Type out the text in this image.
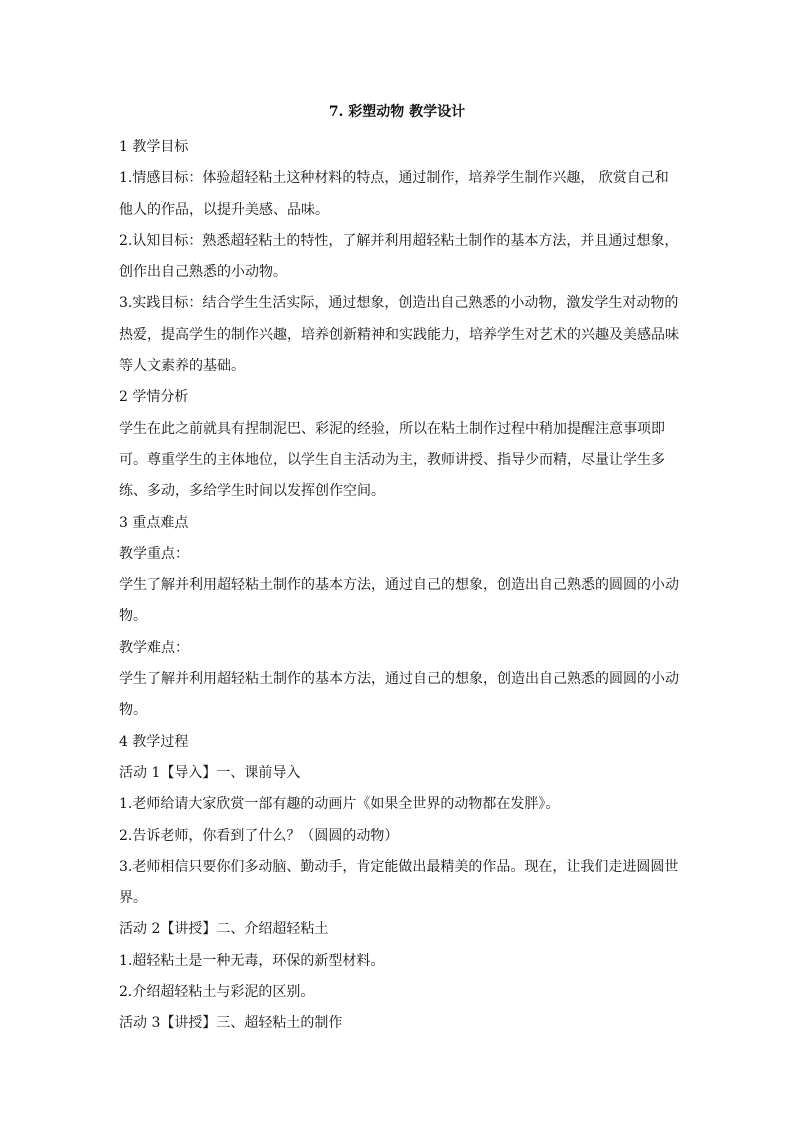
7. 彩塑动物 教学设计

1 教学目标

1.情感目标：体验超轻粘土这种材料的特点，通过制作，培养学生制作兴趣， 欣赏自己和他人的作品，以提升美感、品味。

2.认知目标：熟悉超轻粘土的特性，了解并利用超轻粘土制作的基本方法，并且通过想象，创作出自己熟悉的小动物。

3.实践目标：结合学生生活实际，通过想象，创造出自己熟悉的小动物，激发学生对动物的热爱，提高学生的制作兴趣，培养创新精神和实践能力，培养学生对艺术的兴趣及美感品味等人文素养的基础。

2 学情分析

学生在此之前就具有捏制泥巴、彩泥的经验，所以在粘土制作过程中稍加提醒注意事项即可。尊重学生的主体地位，以学生自主活动为主，教师讲授、指导少而精，尽量让学生多练、多动，多给学生时间以发挥创作空间。

3 重点难点

教学重点：

学生了解并利用超轻粘土制作的基本方法，通过自己的想象，创造出自己熟悉的圆圆的小动物。

教学难点：

学生了解并利用超轻粘土制作的基本方法，通过自己的想象，创造出自己熟悉的圆圆的小动物。

4 教学过程

活动 1【导入】一、课前导入

1.老师给请大家欣赏一部有趣的动画片《如果全世界的动物都在发胖》。

2.告诉老师，你看到了什么？（圆圆的动物）

3.老师相信只要你们多动脑、勤动手，肯定能做出最精美的作品。现在，让我们走进圆圆世界。

活动 2【讲授】二、介绍超轻粘土

1.超轻粘土是一种无毒，环保的新型材料。

2.介绍超轻粘土与彩泥的区别。

活动 3【讲授】三、超轻粘土的制作
